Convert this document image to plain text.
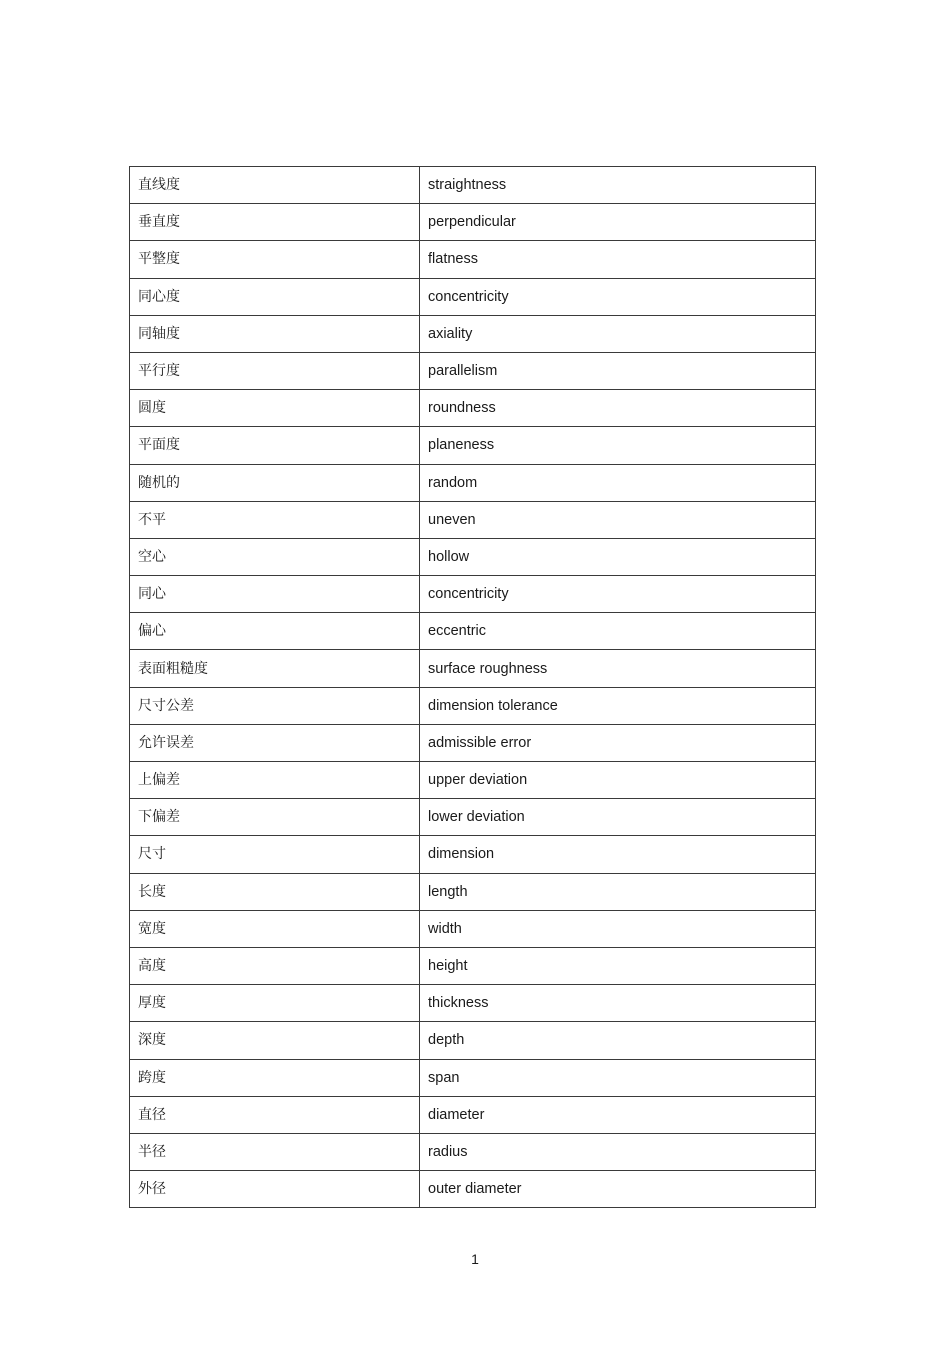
直线度	straightness
垂直度	perpendicular
平整度	flatness
同心度	concentricity
同轴度	axiality
平行度	parallelism
圆度	roundness
平面度	planeness
随机的	random
不平	uneven
空心	hollow
同心	concentricity
偏心	eccentric
表面粗糙度	surface roughness
尺寸公差	dimension tolerance
允许误差	admissible error
上偏差	upper deviation
下偏差	lower deviation
尺寸	dimension
长度	length
宽度	width
高度	height
厚度	thickness
深度	depth
跨度	span
直径	diameter
半径	radius
外径	outer diameter
1
